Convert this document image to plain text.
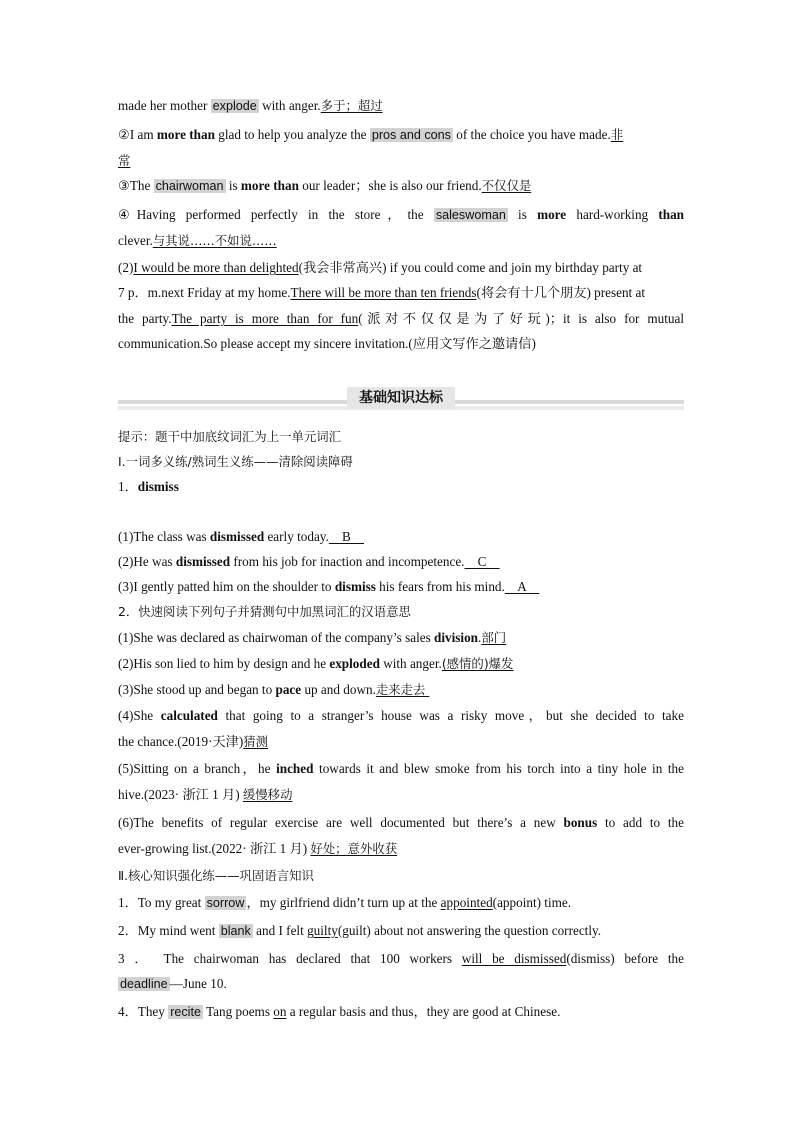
made her mother explode with anger.多于；超过
②I am more than glad to help you analyze the pros and cons of the choice you have made.非
常
③The chairwoman is more than our leader；she is also our friend.不仅仅是
④Having performed perfectly in the store，the saleswoman is more hard-working than
clever.与其说……不如说……
(2)I would be more than delighted(我会非常高兴) if you could come and join my birthday party at
7 p．m.next Friday at my home.There will be more than ten friends(将会有十几个朋友) present at
the party.The party is more than for fun(派对不仅仅是为了好玩)；it is also for mutual
communication.So please accept my sincere invitation.(应用文写作之邀请信)
基础知识达标
提示：题干中加底纹词汇为上一单元词汇
Ⅰ.一词多义练/熟词生义练——清除阅读障碍
1．dismiss
(1)The class was dismissed early today.    B
(2)He was dismissed from his job for inaction and incompetence.    C
(3)I gently patted him on the shoulder to dismiss his fears from his mind.    A
2．快速阅读下列句子并猜测句中加黑词汇的汉语意思
(1)She was declared as chairwoman of the company’s sales division.部门
(2)His son lied to him by design and he exploded with anger.(感情的)爆发
(3)She stood up and began to pace up and down.走来走去
(4)She calculated that going to a stranger’s house was a risky move，but she decided to take
the chance.(2019·天津)猜测
(5)Sitting on a branch，he inched towards it and blew smoke from his torch into a tiny hole in the
hive.(2023· 浙江 1 月) 缓慢移动
(6)The benefits of regular exercise are well documented but there’s a new bonus to add to the
ever-growing list.(2022· 浙江 1 月) 好处；意外收获
Ⅱ.核心知识强化练——巩固语言知识
1．To my great sorrow ，my girlfriend didn’t turn up at the appointed(appoint) time.
2．My mind went blank and I felt guilty(guilt) about not answering the question correctly.
3 ． The chairwoman has declared that 100 workers will be dismissed(dismiss) before the
deadline —June 10.
4．They recite Tang poems on a regular basis and thus，they are good at Chinese.
